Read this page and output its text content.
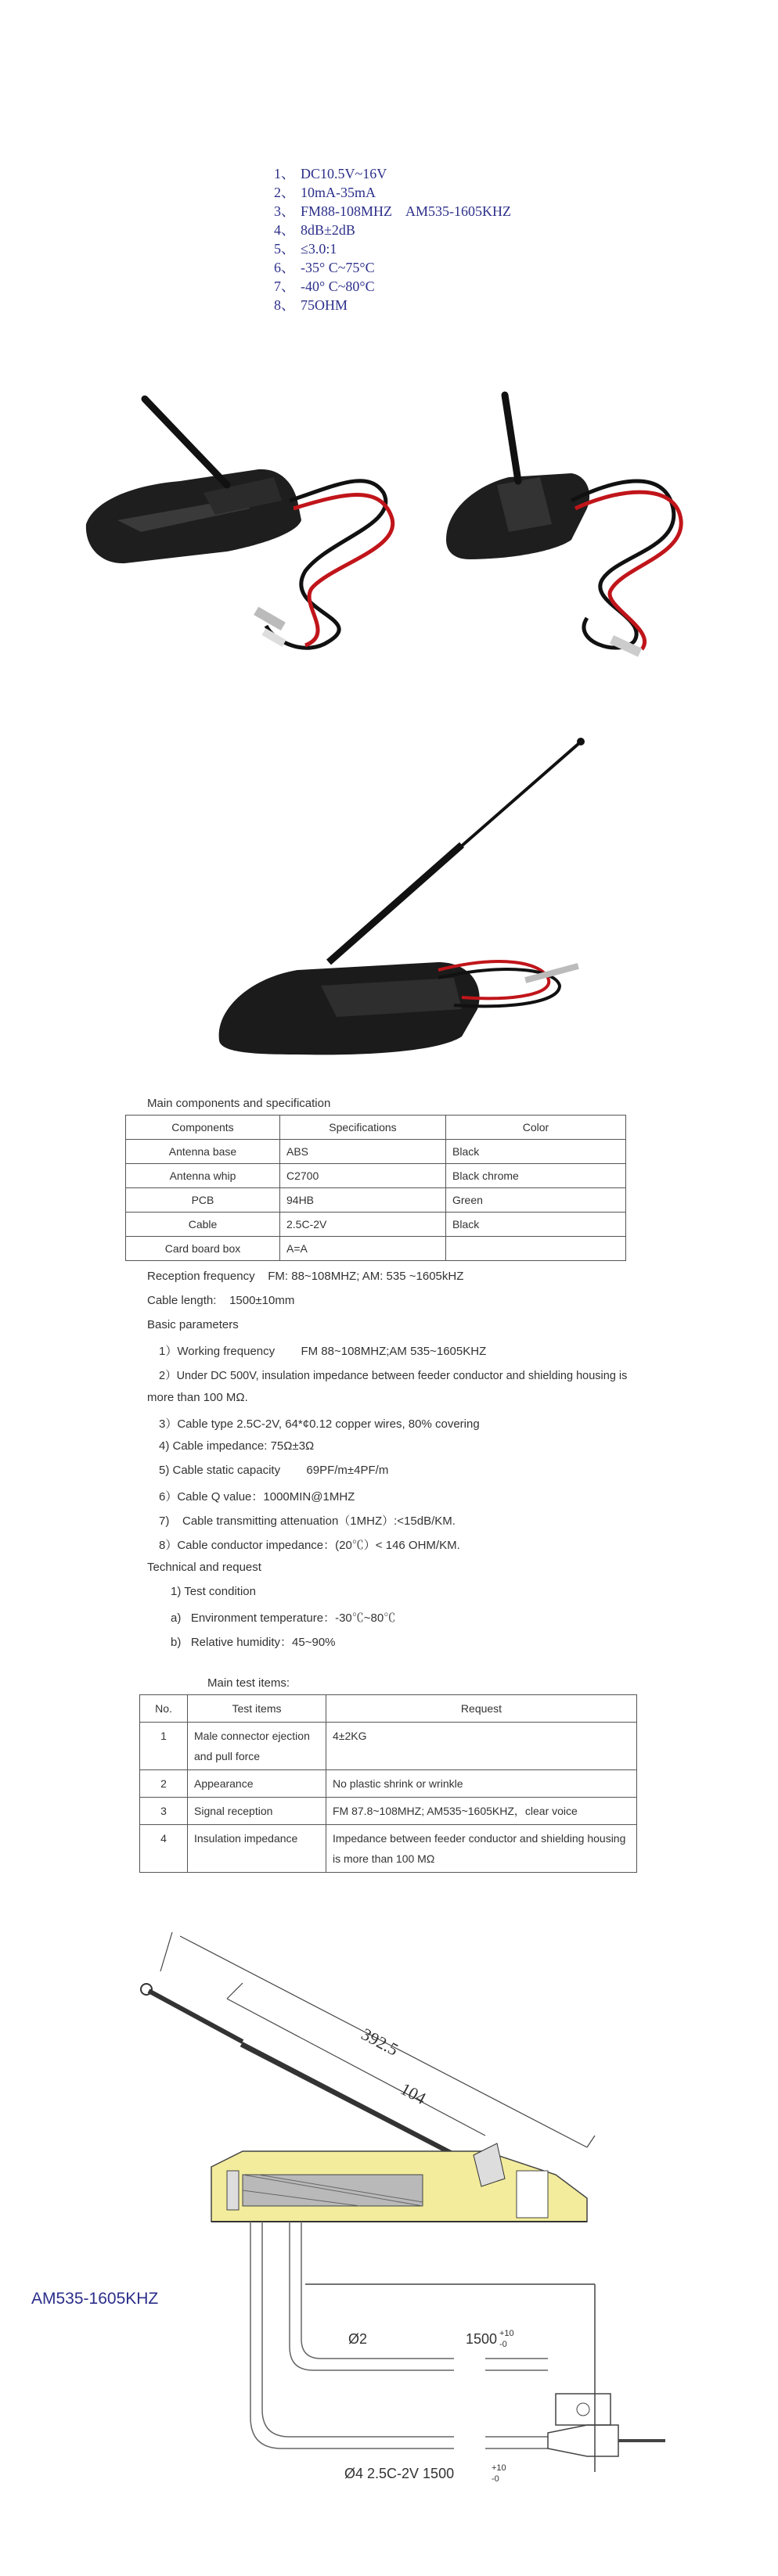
1、 DC10.5V~16V
2、 10mA-35mA
3、 FM88-108MHZ    AM535-1605KHZ
4、 8dB±2dB
5、 ≤3.0:1
6、 -35° C~75°C
7、 -40° C~80°C
8、 75OHM
Main components and specification
Components	Specifications	Color
Antenna base	ABS	Black
Antenna whip	C2700	Black chrome
PCB	94HB	Green
Cable	2.5C-2V	Black
Card board box	A=A	
Reception frequency    FM: 88~108MHZ; AM: 535 ~1605kHZ
Cable length:    1500±10mm
Basic parameters
1）Working frequency        FM 88~108MHZ;AM 535~1605KHZ
2）Under DC 500V, insulation impedance between feeder conductor and shielding housing is
more than 100 MΩ.
3）Cable type 2.5C-2V, 64*¢0.12 copper wires, 80% covering
4) Cable impedance: 75Ω±3Ω
5) Cable static capacity        69PF/m±4PF/m
6）Cable Q value：1000MIN@1MHZ
7)    Cable transmitting attenuation（1MHZ）:<15dB/KM.
8）Cable conductor impedance：(20℃）< 146 OHM/KM.
Technical and request
1) Test condition
a)   Environment temperature：-30℃~80℃
b)   Relative humidity：45~90%
Main test items:
No.	Test items	Request
1	Male connector ejection and pull force	4±2KG
2	Appearance	No plastic shrink or wrinkle
3	Signal reception	FM 87.8~108MHZ; AM535~1605KHZ，clear voice
4	Insulation impedance	Impedance between feeder conductor and shielding housing is more than 100 MΩ
392.5
104
AM535-1605KHZ
Ø2	1500 +10
-0
Ø4 2.5C-2V 1500	+10
-0
